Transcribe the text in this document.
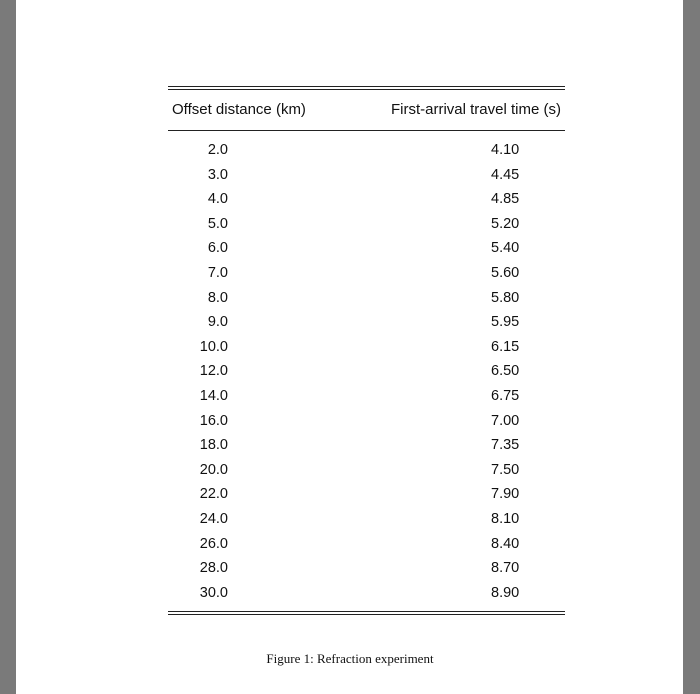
Offset distance (km)	First-arrival travel time (s)
2.0	4.10
3.0	4.45
4.0	4.85
5.0	5.20
6.0	5.40
7.0	5.60
8.0	5.80
9.0	5.95
10.0	6.15
12.0	6.50
14.0	6.75
16.0	7.00
18.0	7.35
20.0	7.50
22.0	7.90
24.0	8.10
26.0	8.40
28.0	8.70
30.0	8.90
Figure 1: Refraction experiment
